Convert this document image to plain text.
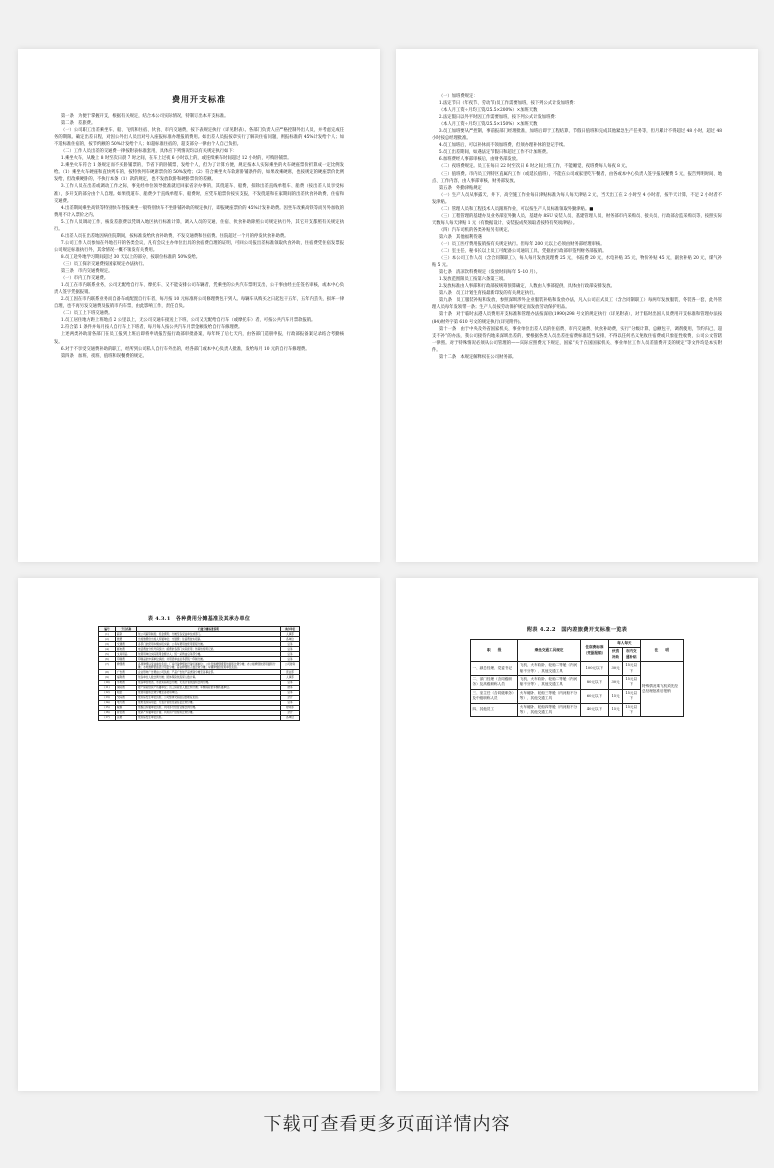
费用开支标准

第一条　为便于掌握开支，根据有关规定，结合本公司实际情况，特制订出本开支标准。

第二条　差旅费。

（一）公司职工出差乘坐车、船、飞机和住宿、伙食、市内交通费，按下表规定执行（详见附表）。各部门负责人应严格控制外出人员，并考虑完成任务的期限。确定出差日程，对因公外出人员出对号入座报标准办理报销费用。如出差人员报按章实行了解决住宿问题，则报标准的 45%计发给个人；如不适标准住宿的，按节约额的 50%计发给个人；如超标准住宿的，超支部分一律由个人自己负担。

（二）工作人员出差的交通费一律按附表标准套用，具体应下列情况均以有关规定执行如下：

1.乘坐火车，从晚上 8 时至次日晨 7 时之间，在车上过夜 6 小时以上的，或连续乘车时间超过 12 小时的，可购卧铺票。

2.乘坐火车符合 1 条规定而不买卧铺票的，节省下的卧铺票，发给个人，但为了计算方便，规定按本人实际乘坐的火车硬座票价折算成一定比例发给。（1）乘坐火车硬座和直快列车的，按特快列车硬席票价的 50%发给；（2）符合乘坐火车软席卧铺条件的，如果改乘硬席，也按规定的硬座票价比例发给，但改乘硬卧的，不执行本条（1）款的规定，也不发放软卧和硬卧票价的差额。

3.工作人员在出差或调动工作之际，事先经单位领导批准就近回家省亲办事的，其绕道车、船费，扣除出差直线单程车、船费（按出差人员享受标准），多开支的部分由个人自理。如果绕道车、船费少于直线单程车、船费时，应凭车船票价按实支报，不发绕道和在家期间的出差伙食补助费、住宿和交通费。

4.出差期间乘坐高铁等特别快车替报乘坐一般特别快车不坐卧铺补助的规定执行，即报硬座票价的 45%计发补助费。因坐车改乘高铁等而另外加收的费用不计入票价之内。

5.工作人员调动工作，核发差旅费以凭调入地区执行标准计算，调入人员的交通、住宿、伙食补助除照公司规定执行外，其它开支都照有关规定执行。

6.出差人员在出差地因病住院期间，按标准发给伙食补助费，不发交通费和住宿费。住院超过一个月的停发伙食补助费。

7.公司工作人员参加在外地召开的各类会议，凡有会议主办单位出具的食宿费自理的证明，可回公司报出差标准领取伙食补助，住宿费凭住宿发票报公司规定标准执行外，其余情况一概不领发有关费用。

8.员工赴外地学习期间超过 30 天以上的部分，按职位标准的 50%发给。

（三）员工探亲交通费按国家规定办法执行。

第三条　市内交通费规定。

（一）市内工作交通费。

1.员工在市内联系业务，公司无配给自行车、摩托车、又不能安排公司车辆者，凭乘坐的公共汽车票明支出，公干事由经主任签名审核，或本中心负责人签字凭据报销。

2.员工因在市内联系业务而自备车或配置自行车者，每月按 10 元标准将公司修理费包干到人。每辆车从购买之日起包干五年，五年内丢失、损坏一律自理，也不再另发交通费及报销市内车票，由此影响工作，责任自负。

（二）员工上下班交通费。

1.员工居住地方距上班地点 2 公里以上，无公司交通车接送上下班，公司又无配给自行车（或摩托车）者，可按公共汽车月票款报销。

2.符合第 1 条件并每月按人自行车上下班者，每月每人按公共汽车月票金额发给自行车修理费。

上述两类补助清各部门在员工报到上班后即将申请报告报行政部审批备案，每年终了后七天内，由各部门造册申报，行政部报备案记录结合考勤核发。

6.对于不享受交通费补助的职工，经所到公司私人自行车外出的，经各部门或本中心负责人批准，发给每月 10 元的自行车修理费。

第四条　加班、夜班、值班和误餐费的规定。

（一）加班费规定：

1.法定节日（年夜节、劳动节)员工作需要加班，按下列公式计发加班费：

（本人月工资÷月均工资/25.5×200%）×加班天数

2.法定假日以外平时因工作需要加班，按下列公式计发加班费：

（本人月工资÷月均工资/25.5×150%）×加班天数

3.员工加班要从严控制，事前报部门经理批准，加班后即于工程结算，节假日值班和完成其他紧急生产任务等，但月累计不得超过 48 小时，超过 48 小时按总经理批准。

4.员工加班后，可以补休而不领加班费，但须办理补休的登记手续。

5.员工出差期间，如遇法定节假日和超过工作不计加班费。

6.加班费经人事部审核后，由财务部发放。

（二）夜班费规定。员工在每日 22 时至次日 6 时之间上班工作，不能睡觉，夜班费每人每夜 8 元。

（三）值班费。市内员工到特区直属内工作（或延长值班），不能在公司或家里吃午餐者，由各或本中心负责人签字报误餐费 5 元，报告判明时间、地点、工作内容，由人事部审核，财务部发放。

第五条　外勤津贴规定

（一）生产人员从事露天、井下、高空施工作业每日津贴标准为每人每天津贴 2 元，当天出工在 2 小时至 4 小时者，按半天计算，不足 2 小时者不发津贴。

（二）管理人员和工程技术人员跟班作业，可以按生产人员标准领取外勤津贴。■

（三）工程管理的基建办及业务部室外勤人员，基建办 8SU 安装人员、基建管理人员、财务部市内采购员、接关员、行政部舍监采购员等，按照实际天数每人每天津贴 1 元（有数据设计、安装报成奖领取者按特有奖项津贴）。

（四）汽车司机的各类补贴另有规定。

第六条　其他福利待遇

（一）员工医疗费用报销按有关规定执行。但每年 200 元以上必须由财务部经理审核。

（二）室主任、秘书长以上员工可配备公司通讯工具，凭据由行政部审签判财务部报销。

（三）本公司工作人员（含合同制职工），每人每月发放洗理费 25 元，书报费 20 元，水电补贴 35 元，物价补贴 45 元，副食补贴 20 元，煤气补贴 5 元。

第七条　清凉饮料费规定（发放时间每年 5–10 月）。

1.发放范围限员工按第六条第三项。

2.发放标准由人事部和行政部按统筹预算确定，人数由人事部提供，具体由行政部安排发放。

第八条　员工计划生育按最新印发的有关规定执行。

第九条　员工服装补贴和发放，参照深圳涉外企业服装补贴和发放办法，凡入公司正式员工（含合同制职工）每两年发放服装，冬装各一套，此外管理人员每年发领带一条；生产人员按劳动保护规定而发放劳动保护用品。

第十条　对于临时去港人员费用开支标准和管理办法按深府(1990)298 号文的规定执行（详见附表），对于临时出国人员费用开支标准和管理办法按(84)财外字第 610 号文的规定执行(详见附件)。

第十一条　由于中央及外省国家机关、事业单位出差人员的住宿费、市内交通费、伙食补助费，实行“分级计算，总额包干，调剂使用，节约归己，超支不补”的办法，我公司接待内地来深圳出差的，要根据各类人员出差往宿费标准适当安排，不得以任何名义免收住宿费或只象征性收费，公司公文管辖一律照。对于特殊情况必须从公司管理的——宾际应照费元下规定，国家“关于在国国家机关、事业单位工作人员差旅费开支的规定”等文件均是本实附件。

第十二条　本规定解释权在公司财务部。

表 4.3.1　各种费用分摊基准及其承办单位
编号	子目名称	归属分摊标准说明	承办单位
(1)	薪资	依公司薪资制度；奖金费用；分摊至各受益单位或部门。	人事部
(2)	旅费	出差旅费依出差人所属单位；交通费；住宿费按实报销。	各单位
(3)	交通费	各部门依使用车辆实报实销；公务车费用按使用里程分摊。	总务
(4)	邮电费	电话费按分机号码统计；邮费依各部门实际使用；传真依使用记录。	总务
(5)	文具用品	依领用单位实际领用金额计入；统一采购由总务部分摊。	总务
(6)	印刷费	印刷品依申请单位承担；共用表单由总务部统一印制分摊。	总务
(7)	修缮费	各项修缮以受益单位负担；厂房设备修缮依设备所属单位；公共设施修缮费用依面积比例分摊；办公楼修缮依使用面积分摊；水电维修依照表计用量分摊；宿舍修缮依人数比例分摊；车辆修缮依使用单位负担。	公司财务
(8)	广告费	企业形象广告费由公司负担；产品广告依产品类别分摊至各事业部。	营业部
(9)	福利费	依各单位人数比例分摊；团体保险依投保人数计算。	人事部
(10)	水电费	依各单位电表、水表实际用量分摊；无表计者依面积比例分摊。	总务
(11)	保险费	财产保险依资产所属单位；员工保险依人数比例分摊；车辆保险依车辆所属单位。	财务
(12)	租金	依使用面积比例分摊至各使用单位。	总务
(13)	交际费	依实际发生单位负担；公司整体交际由总经理室负担。	会计
(14)	电力费	依电表实际用量；无表计者依设备容量比例分摊。	总务
(15)	税捐	依税目所属单位负担；共同部分依营业额比例分摊。	财务部
(16)	折旧费	依资产所属单位计提；共用资产依使用比例分摊。	会计
(17)	杂费	依实际发生单位负担。	各单位
附表 4.2.2　国内差旅费开支标准一览表
职　　级	乘坐交通工具规定	住宿费标准（凭据报销）	每人每天		注　　明
			伙食补助	市内交通补贴	
一、副总经理、党委书记	飞机、火车软卧、轮船二等舱（内河船不分等）、其他交通工具	100元以下	30元	15元以下	特殊情况乘飞机须先经总经理批准后报销
二、部门经理（含同级职务）及高级职称人员	飞机、火车软卧、轮船二等舱（内河船不分等）、其他交通工具	80元以下	30元	15元以下	
三、室主任（含同级职务）及中级职称人员	火车硬卧、轮船三等舱（内河船不分等）、其他交通工具	60元以下	15元	15元以下	
四、其他员工	火车硬卧、轮船四等舱（内河船不分等）、其他交通工具	40元以下	15元	15元以下	
下载可查看更多页面详情内容
